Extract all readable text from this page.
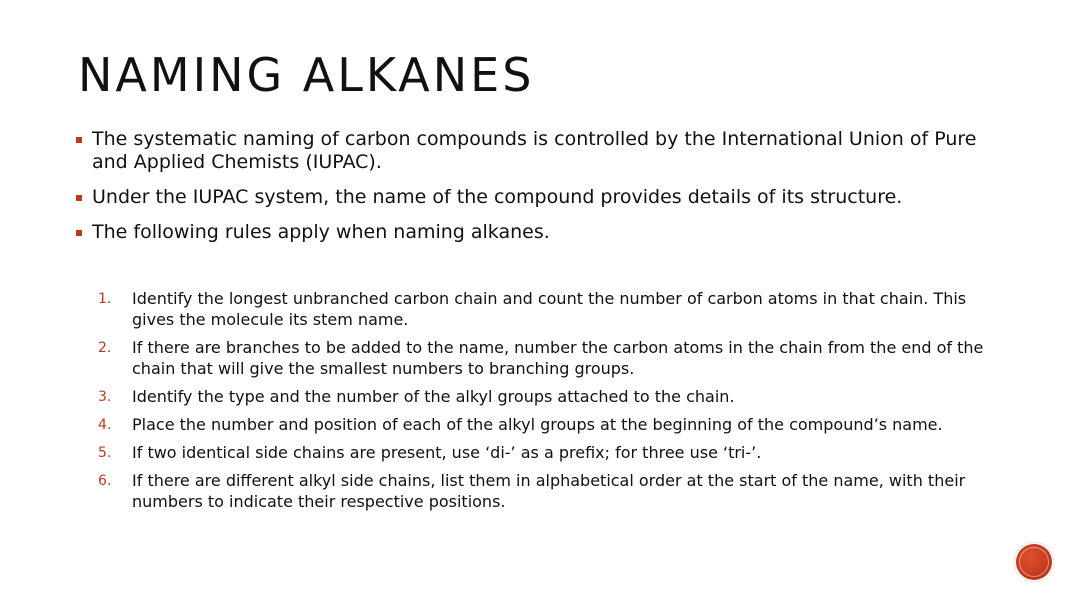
NAMING ALKANES
The systematic naming of carbon compounds is controlled by the International Union of Pure and Applied Chemists (IUPAC).
Under the IUPAC system, the name of the compound provides details of its structure.
The following rules apply when naming alkanes.
1. Identify the longest unbranched carbon chain and count the number of carbon atoms in that chain. This gives the molecule its stem name.
2. If there are branches to be added to the name, number the carbon atoms in the chain from the end of the chain that will give the smallest numbers to branching groups.
3. Identify the type and the number of the alkyl groups attached to the chain.
4. Place the number and position of each of the alkyl groups at the beginning of the compound’s name.
5. If two identical side chains are present, use ‘di-’ as a prefix; for three use ‘tri-’.
6. If there are different alkyl side chains, list them in alphabetical order at the start of the name, with their numbers to indicate their respective positions.
